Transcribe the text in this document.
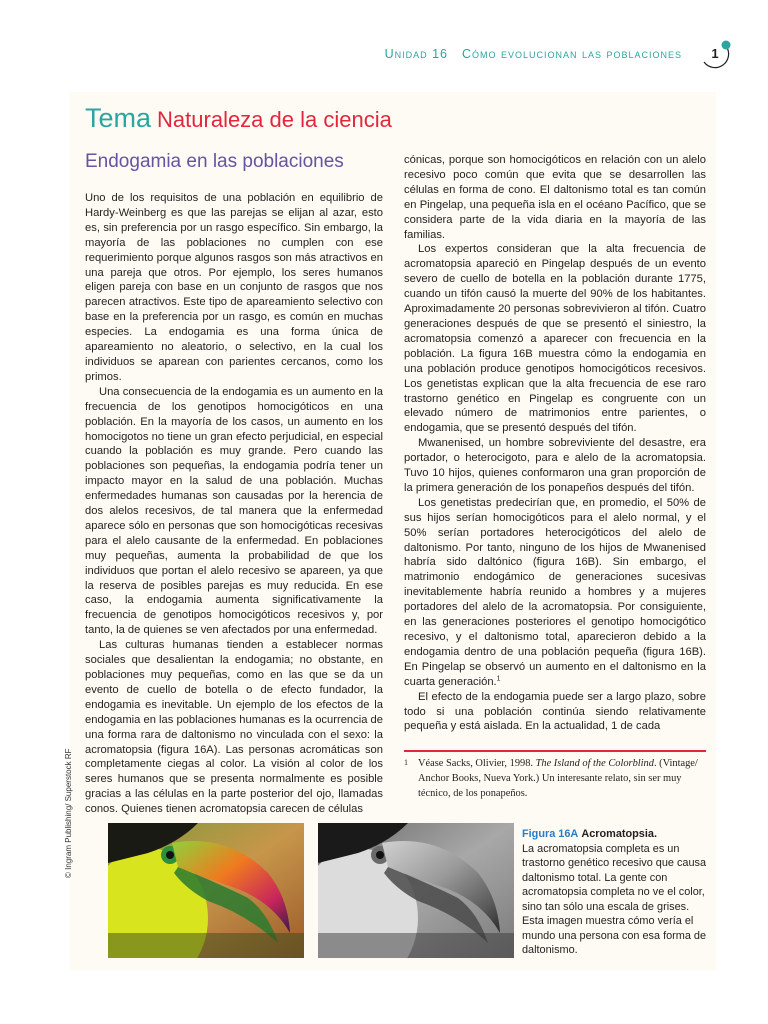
Unidad 16 Cómo evolucionan las poblaciones	1
Tema Naturaleza de la ciencia
Endogamia en las poblaciones

Uno de los requisitos de una población en equilibrio de Hardy-Weinberg es que las parejas se elijan al azar, esto es, sin preferencia por un rasgo específico. Sin embargo, la mayoría de las poblaciones no cumplen con ese requerimiento porque algunos rasgos son más atractivos en una pareja que otros. Por ejemplo, los seres humanos eligen pareja con base en un conjunto de rasgos que nos parecen atractivos. Este tipo de apareamiento selectivo con base en la preferencia por un rasgo, es común en muchas especies. La endogamia es una forma única de apareamiento no aleatorio, o selectivo, en la cual los individuos se aparean con parientes cercanos, como los primos.

Una consecuencia de la endogamia es un aumento en la frecuencia de los genotipos homocigóticos en una población. En la mayoría de los casos, un aumento en los homocigotos no tiene un gran efecto perjudicial, en especial cuando la población es muy grande. Pero cuando las poblaciones son pequeñas, la endogamia podría tener un impacto mayor en la salud de una población. Muchas enfermedades humanas son causadas por la herencia de dos alelos recesivos, de tal manera que la enfermedad aparece sólo en personas que son homocigóticas recesivas para el alelo causante de la enfermedad. En poblaciones muy pequeñas, aumenta la probabilidad de que los individuos que portan el alelo recesivo se apareen, ya que la reserva de posibles parejas es muy reducida. En ese caso, la endogamia aumenta significativamente la frecuencia de genotipos homocigóticos recesivos y, por tanto, la de quienes se ven afectados por una enfermedad.

Las culturas humanas tienden a establecer normas sociales que desalientan la endogamia; no obstante, en poblaciones muy pequeñas, como en las que se da un evento de cuello de botella o de efecto fundador, la endogamia es inevitable. Un ejemplo de los efectos de la endogamia en las poblaciones humanas es la ocurrencia de una forma rara de daltonismo no vinculada con el sexo: la acromatopsia (figura 16A). Las personas acromáticas son completamente ciegas al color. La visión al color de los seres humanos que se presenta normalmente es posible gracias a las células en la parte posterior del ojo, llamadas conos. Quienes tienen acromatopsia carecen de células

cónicas, porque son homocigóticos en relación con un alelo recesivo poco común que evita que se desarrollen las células en forma de cono. El daltonismo total es tan común en Pingelap, una pequeña isla en el océano Pacífico, que se considera parte de la vida diaria en la mayoría de las familias.

Los expertos consideran que la alta frecuencia de acromatopsia apareció en Pingelap después de un evento severo de cuello de botella en la población durante 1775, cuando un tifón causó la muerte del 90% de los habitantes. Aproximadamente 20 personas sobrevivieron al tifón. Cuatro generaciones después de que se presentó el siniestro, la acromatopsia comenzó a aparecer con frecuencia en la población. La figura 16B muestra cómo la endogamia en una población produce genotipos homocigóticos recesivos. Los genetistas explican que la alta frecuencia de ese raro trastorno genético en Pingelap es congruente con un elevado número de matrimonios entre parientes, o endogamia, que se presentó después del tifón.

Mwanenised, un hombre sobreviviente del desastre, era portador, o heterocigoto, para e alelo de la acromatopsia. Tuvo 10 hijos, quienes conformaron una gran proporción de la primera generación de los ponapeños después del tifón.

Los genetistas predecirían que, en promedio, el 50% de sus hijos serían homocigóticos para el alelo normal, y el 50% serían portadores heterocigóticos del alelo de daltonismo. Por tanto, ninguno de los hijos de Mwanenised habría sido daltónico (figura 16B). Sin embargo, el matrimonio endogámico de generaciones sucesivas inevitablemente habría reunido a hombres y a mujeres portadores del alelo de la acromatopsia. Por consiguiente, en las generaciones posteriores el genotipo homocigótico recesivo, y el daltonismo total, aparecieron debido a la endogamia dentro de una población pequeña (figura 16B). En Pingelap se observó un aumento en el daltonismo en la cuarta generación.$^1$

El efecto de la endogamia puede ser a largo plazo, sobre todo si una población continúa siendo relativamente pequeña y está aislada. En la actualidad, 1 de cada

1 Véase Sacks, Olivier, 1998. The Island of the Colorblind. (Vintage/ Anchor Books, Nueva York.) Un interesante relato, sin ser muy técnico, de los ponapeños.
© Ingram Publishing/ Superstock RF	Figura 16A Acromatopsia.
La acromatopsia completa es un trastorno genético recesivo que causa daltonismo total. La gente con acromatopsia completa no ve el color, sino tan sólo una escala de grises. Esta imagen muestra cómo vería el mundo una persona con esa forma de daltonismo.
